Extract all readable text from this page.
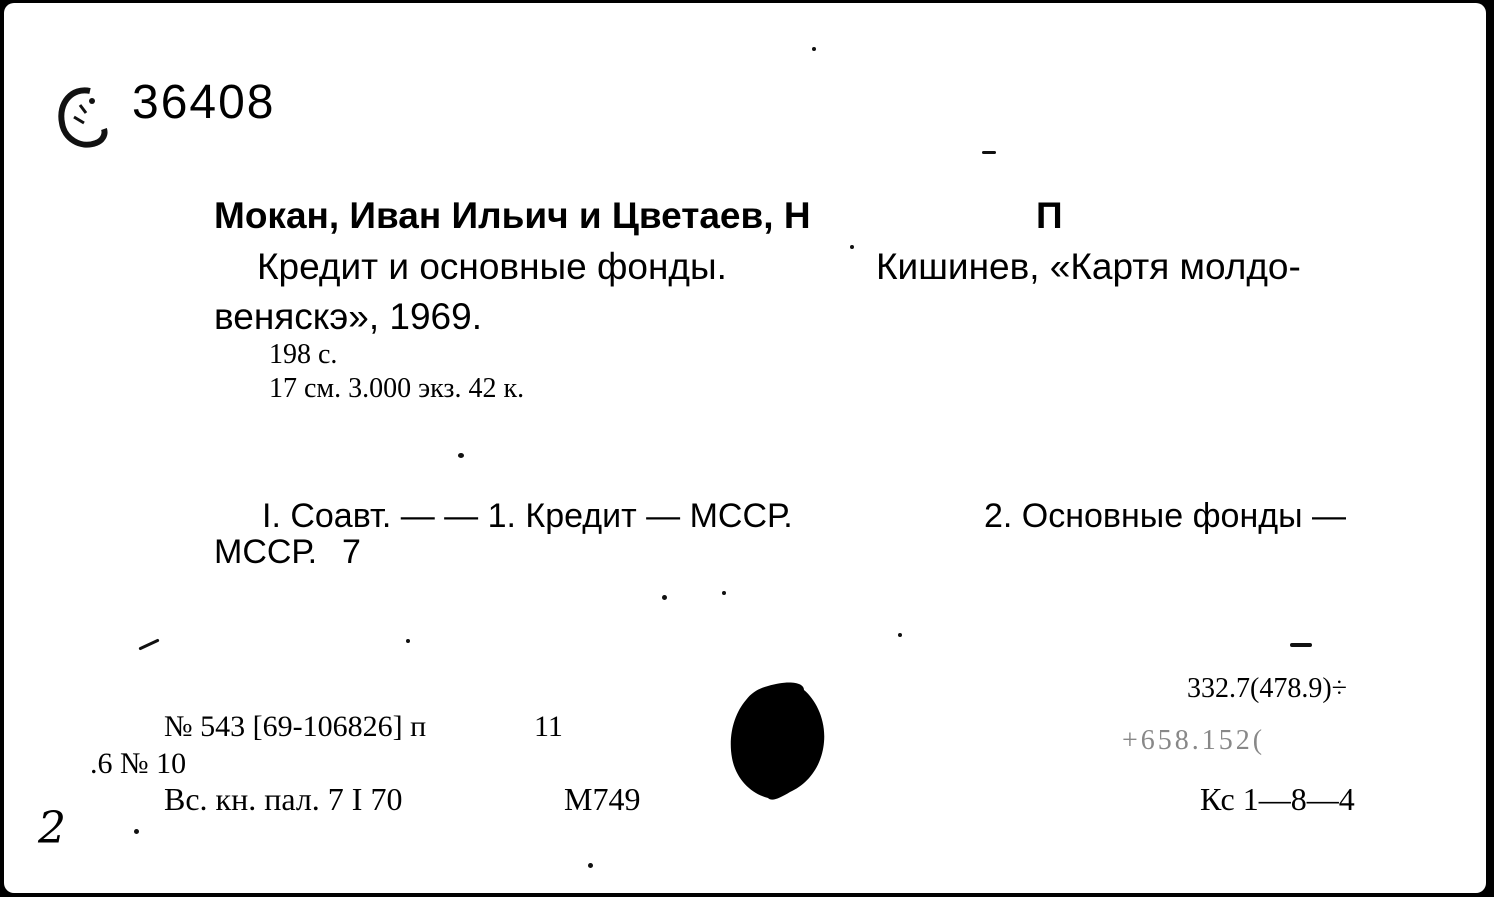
36408
Мокан, Иван Ильич и Цветаев, Н	П
Кредит и основные фонды.	Кишинев, «Картя молдо-
веняскэ», 1969.
198 с.
17 см. 3.000 экз. 42 к.
I. Соавт. — — 1. Кредит — МССР.	2. Основные фонды —
МССР. 7
332.7(478.9)÷
+658.152(
Кс 1—8—4
№ 543 [69-106826] п	11
.6 № 10
Вс. кн. пал. 7 I 70	M749
2
